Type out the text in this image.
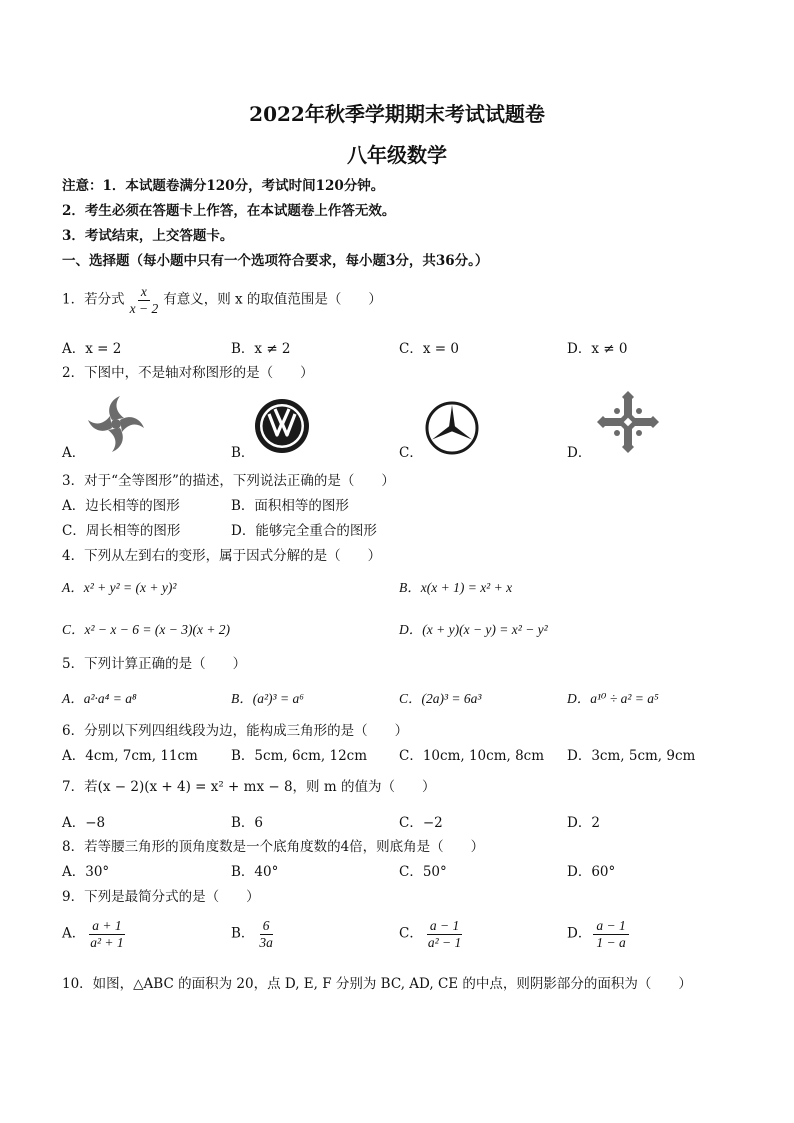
2022年秋季学期期末考试试题卷
八年级数学
注意：1．本试题卷满分120分，考试时间120分钟。
2．考生必须在答题卡上作答，在本试题卷上作答无效。
3．考试结束，上交答题卡。
一、选择题（每小题中只有一个选项符合要求，每小题3分，共36分。）
1．若分式 $\frac{x}{x - 2}$ 有意义，则 x 的取值范围是（　　）
A．x = 2	B．x ≠ 2	C．x = 0	D．x ≠ 0
2．下图中，不是轴对称图形的是（　　）
A．	B．	C．	D．
3．对于“全等图形”的描述，下列说法正确的是（　　）
A．边长相等的图形	B．面积相等的图形
C．周长相等的图形	D．能够完全重合的图形
4．下列从左到右的变形，属于因式分解的是（　　）
A．x² + y² = (x + y)²	B．x(x + 1) = x² + x
C．x² − x − 6 = (x − 3)(x + 2)	D．(x + y)(x − y) = x² − y²
5．下列计算正确的是（　　）
A．a²·a⁴ = a⁸	B．(a²)³ = a⁶	C．(2a)³ = 6a³	D．a¹⁰ ÷ a² = a⁵
6．分别以下列四组线段为边，能构成三角形的是（　　）
A．4cm, 7cm, 11cm B．5cm, 6cm, 12cm C．10cm, 10cm, 8cm D．3cm, 5cm, 9cm
7．若(x − 2)(x + 4) = x² + mx − 8，则 m 的值为（　　）
A．−8	B．6	C．−2	D．2
8．若等腰三角形的顶角度数是一个底角度数的4倍，则底角是（　　）
A．30°	B．40°	C．50°	D．60°
9．下列是最简分式的是（　　）
A． $\frac{a + 1}{\text{a² + 1}}$	B． $\frac{6}{3a}$	C． $\frac{a - 1}{\text{a² − 1}}$	D． $\frac{a - 1}{1 - a}$
10．如图，△ABC 的面积为 20，点 D, E, F 分别为 BC, AD, CE 的中点，则阴影部分的面积为（　　）
